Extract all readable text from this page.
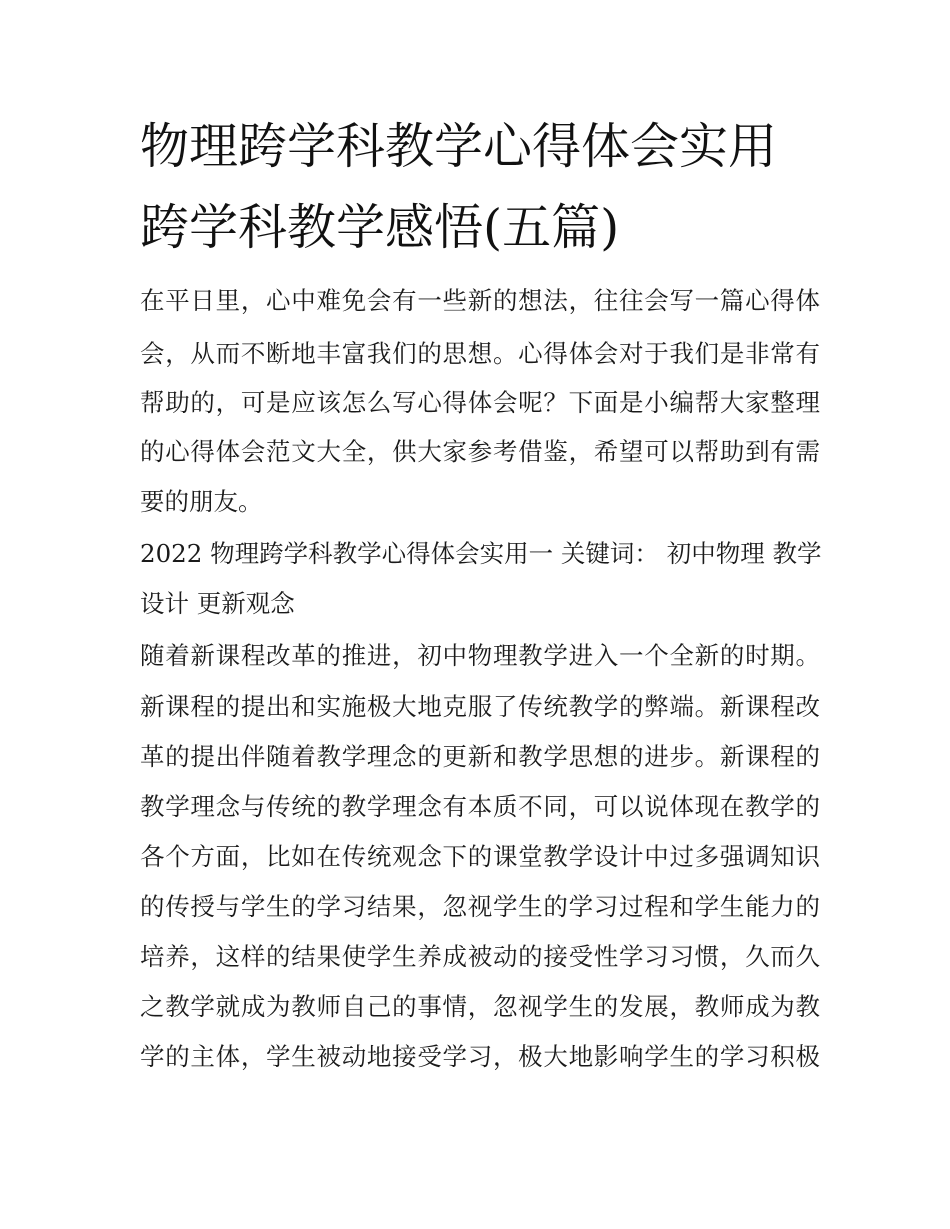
物理跨学科教学心得体会实用
跨学科教学感悟(五篇)
在平日里，心中难免会有一些新的想法，往往会写一篇心得体
会，从而不断地丰富我们的思想。心得体会对于我们是非常有
帮助的，可是应该怎么写心得体会呢？下面是小编帮大家整理
的心得体会范文大全，供大家参考借鉴，希望可以帮助到有需
要的朋友。
2022 物理跨学科教学心得体会实用一 关键词： 初中物理 教学
设计 更新观念
随着新课程改革的推进，初中物理教学进入一个全新的时期。
新课程的提出和实施极大地克服了传统教学的弊端。新课程改
革的提出伴随着教学理念的更新和教学思想的进步。新课程的
教学理念与传统的教学理念有本质不同，可以说体现在教学的
各个方面，比如在传统观念下的课堂教学设计中过多强调知识
的传授与学生的学习结果，忽视学生的学习过程和学生能力的
培养，这样的结果使学生养成被动的接受性学习习惯，久而久
之教学就成为教师自己的事情，忽视学生的发展，教师成为教
学的主体，学生被动地接受学习，极大地影响学生的学习积极
